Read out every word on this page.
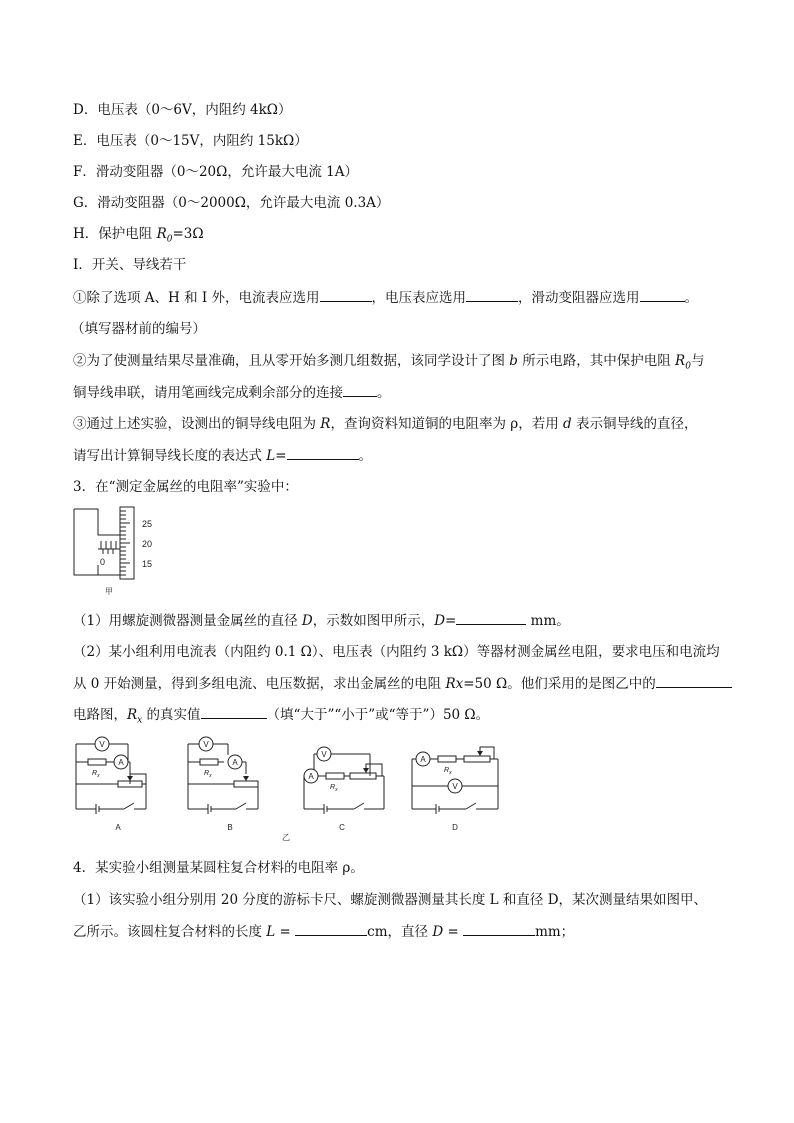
D．电压表（0～6V，内阻约 4kΩ）
E．电压表（0～15V，内阻约 15kΩ）
F．滑动变阻器（0～20Ω，允许最大电流 1A）
G．滑动变阻器（0～2000Ω，允许最大电流 0.3A）
H．保护电阻 $R_0=3\Omega$
I．开关、导线若干
①除了选项 A、H 和 I 外，电流表应选用	，电压表应选用	，滑动变阻器应选用	。
（填写器材前的编号）
②为了使测量结果尽量准确，且从零开始多测几组数据，该同学设计了图 b 所示电路，其中保护电阻 $R_0$与
铜导线串联，请用笔画线完成剩余部分的连接	。
③通过上述实验，设测出的铜导线电阻为 R，查询资料知道铜的电阻率为 ρ，若用 d 表示铜导线的直径，
请写出计算铜导线长度的表达式 L=	。
3．在“测定金属丝的电阻率”实验中：
25
20
15
0
甲
（1）用螺旋测微器测量金属丝的直径 D，示数如图甲所示，D=	mm。
（2）某小组利用电流表（内阻约 0.1 Ω）、电压表（内阻约 3 kΩ）等器材测金属丝电阻，要求电压和电流均
从 0 开始测量，得到多组电流、电压数据，求出金属丝的电阻 Rx=50 Ω。他们采用的是图乙中的
电路图，$R_x$ 的真实值	（填“大于”“小于”或“等于”）50 Ω。
V
A
V
A
V
A
A
V
$R_x$	$R_x$
$R_x$
$R_x$
A	B	C	D
乙
4．某实验小组测量某圆柱复合材料的电阻率 ρ。
（1）该实验小组分别用 20 分度的游标卡尺、螺旋测微器测量其长度 L 和直径 D，某次测量结果如图甲、
乙所示。该圆柱复合材料的长度 L =	cm，直径 D =	mm；
